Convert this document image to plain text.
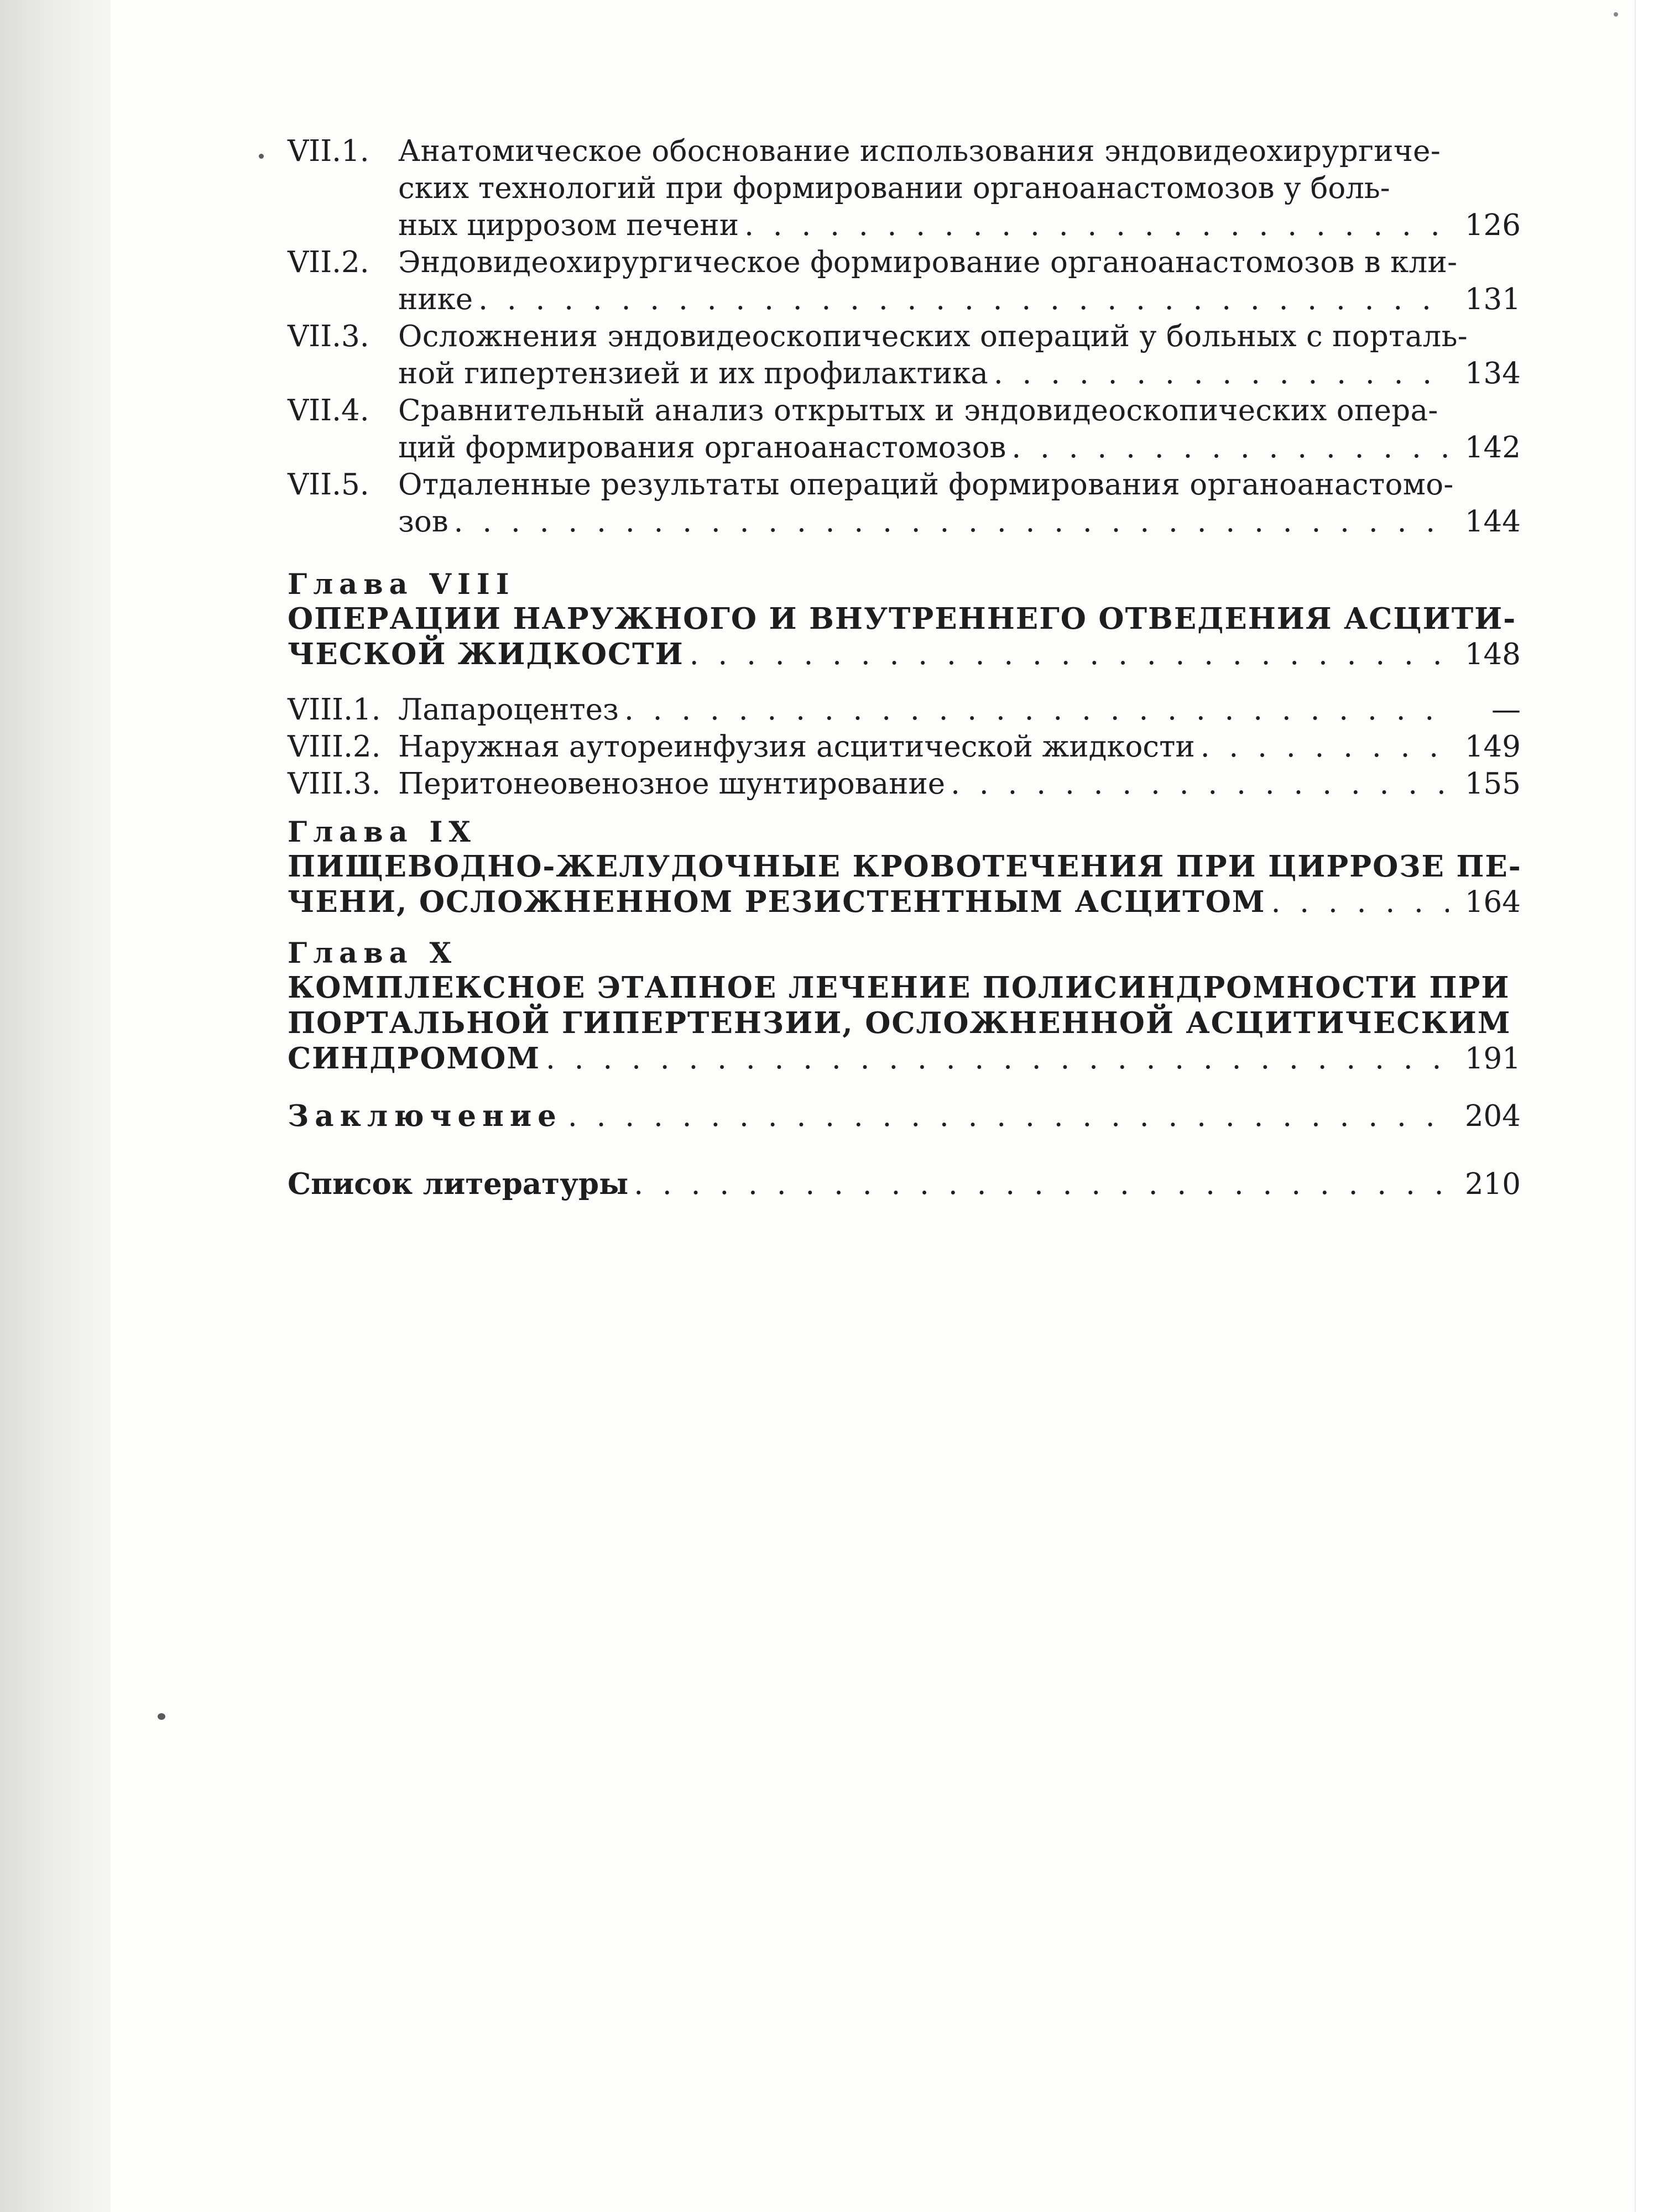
VII.1. Анатомическое обоснование использования эндовидеохирургиче-
ских технологий при формировании органоанастомозов у боль-
ных циррозом печени . . .	126
VII.2. Эндовидеохирургическое формирование органоанастомозов в кли-
нике . . .	131
VII.3. Осложнения эндовидеоскопических операций у больных с порталь-
ной гипертензией и их профилактика . . .	134
VII.4. Сравнительный анализ открытых и эндовидеоскопических опера-
ций формирования органоанастомозов . . .	142
VII.5. Отдаленные результаты операций формирования органоанастомо-
зов . . .	144
Глава VIII
ОПЕРАЦИИ НАРУЖНОГО И ВНУТРЕННЕГО ОТВЕДЕНИЯ АСЦИТИ-
ЧЕСКОЙ ЖИДКОСТИ . . .	148
VIII.1. Лапароцентез . . .	—
VIII.2. Наружная аутореинфузия асцитической жидкости . . .	149
VIII.3. Перитонеовенозное шунтирование . . .	155
Глава IX
ПИЩЕВОДНО-ЖЕЛУДОЧНЫЕ КРОВОТЕЧЕНИЯ ПРИ ЦИРРОЗЕ ПЕ-
ЧЕНИ, ОСЛОЖНЕННОМ РЕЗИСТЕНТНЫМ АСЦИТОМ . . .	164
Глава X
КОМПЛЕКСНОЕ ЭТАПНОЕ ЛЕЧЕНИЕ ПОЛИСИНДРОМНОСТИ ПРИ
ПОРТАЛЬНОЙ ГИПЕРТЕНЗИИ, ОСЛОЖНЕННОЙ АСЦИТИЧЕСКИМ
СИНДРОМОМ . . .	191
Заключение . . .	204
Список литературы . . .	210
